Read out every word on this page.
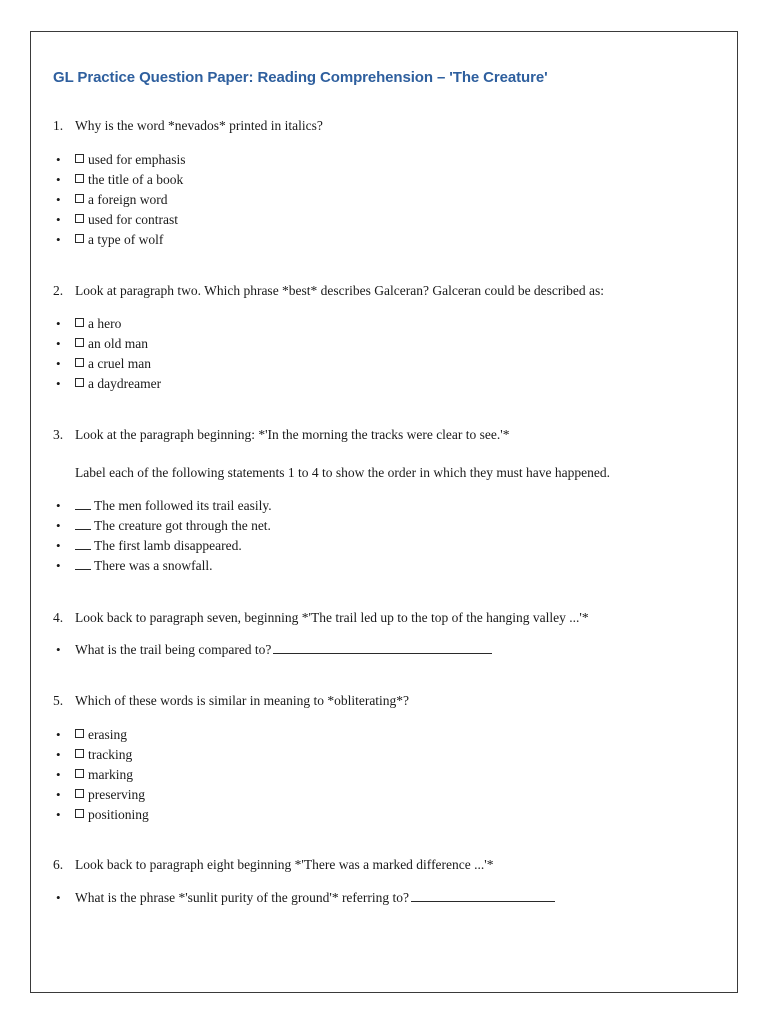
GL Practice Question Paper: Reading Comprehension – 'The Creature'
1. Why is the word *nevados* printed in italics?
• used for emphasis
• the title of a book
• a foreign word
• used for contrast
• a type of wolf
2. Look at paragraph two. Which phrase *best* describes Galceran? Galceran could be described as:
• a hero
• an old man
• a cruel man
• a daydreamer
3. Look at the paragraph beginning: *'In the morning the tracks were clear to see.'*
Label each of the following statements 1 to 4 to show the order in which they must have happened.
• The men followed its trail easily.
• The creature got through the net.
• The first lamb disappeared.
• There was a snowfall.
4. Look back to paragraph seven, beginning *'The trail led up to the top of the hanging valley ...'*
• What is the trail being compared to?
5. Which of these words is similar in meaning to *obliterating*?
• erasing
• tracking
• marking
• preserving
• positioning
6. Look back to paragraph eight beginning *'There was a marked difference ...'*
• What is the phrase *'sunlit purity of the ground'* referring to?
